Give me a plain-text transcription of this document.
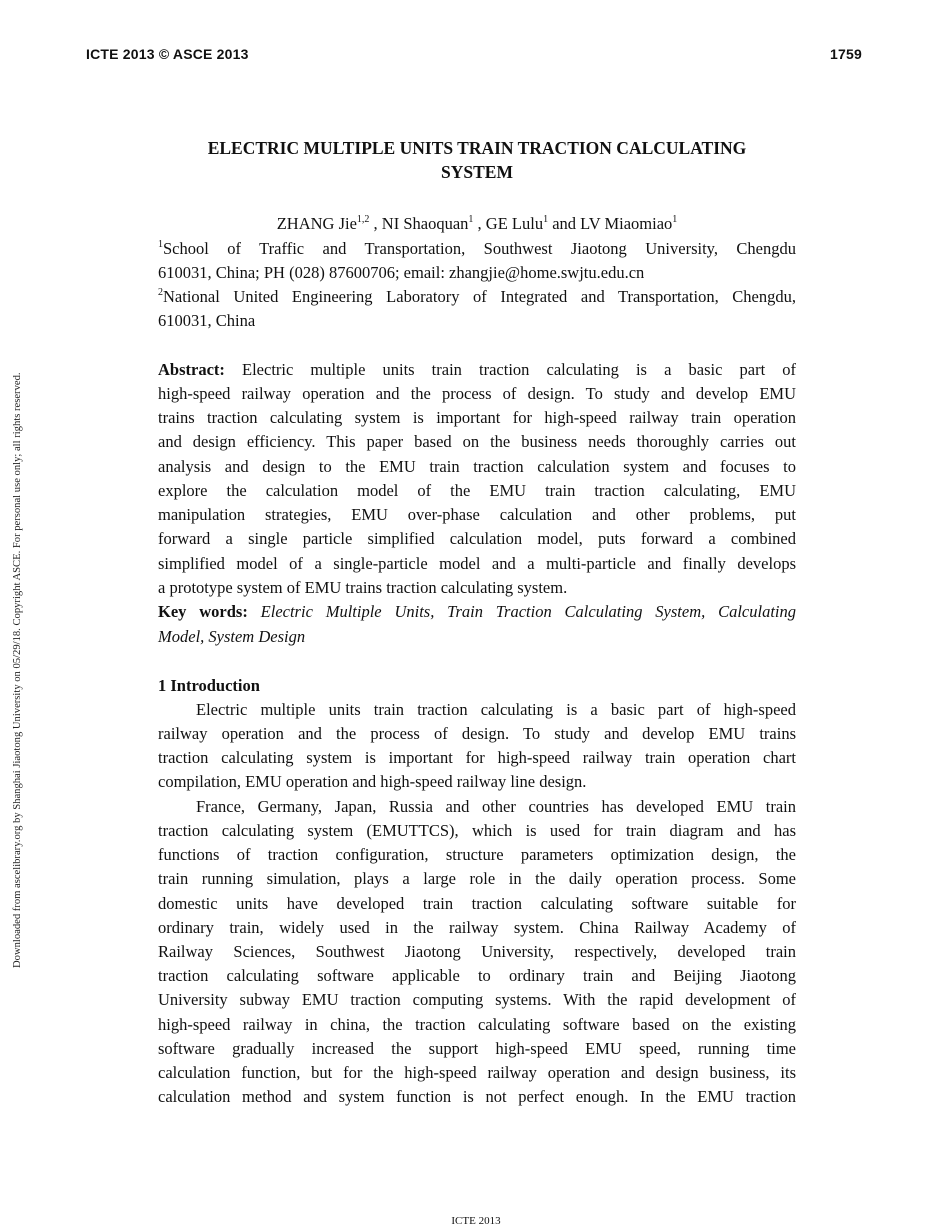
ICTE 2013 © ASCE 2013	1759
Downloaded from ascelibrary.org by Shanghai Jiaotong University on 05/29/18. Copyright ASCE. For personal use only; all rights reserved.
ELECTRIC MULTIPLE UNITS TRAIN TRACTION CALCULATING
SYSTEM
ZHANG Jie$^{1,2}$ , NI Shaoquan$^1$ , GE Lulu$^1$ and LV Miaomiao$^1$
$^1$School of Traffic and Transportation, Southwest Jiaotong University, Chengdu
610031, China; PH (028) 87600706; email: zhangjie@home.swjtu.edu.cn
$^2$National United Engineering Laboratory of Integrated and Transportation, Chengdu,
610031, China
Abstract: Electric multiple units train traction calculating is a basic part of
high-speed railway operation and the process of design. To study and develop EMU
trains traction calculating system is important for high-speed railway train operation
and design efficiency. This paper based on the business needs thoroughly carries out
analysis and design to the EMU train traction calculation system and focuses to
explore the calculation model of the EMU train traction calculating, EMU
manipulation strategies, EMU over-phase calculation and other problems, put
forward a single particle simplified calculation model, puts forward a combined
simplified model of a single-particle model and a multi-particle and finally develops
a prototype system of EMU trains traction calculating system.
Key words: Electric Multiple Units, Train Traction Calculating System, Calculating
Model, System Design
1 Introduction
Electric multiple units train traction calculating is a basic part of high-speed
railway operation and the process of design. To study and develop EMU trains
traction calculating system is important for high-speed railway train operation chart
compilation, EMU operation and high-speed railway line design.
France, Germany, Japan, Russia and other countries has developed EMU train
traction calculating system (EMUTTCS), which is used for train diagram and has
functions of traction configuration, structure parameters optimization design, the
train running simulation, plays a large role in the daily operation process. Some
domestic units have developed train traction calculating software suitable for
ordinary train, widely used in the railway system. China Railway Academy of
Railway Sciences, Southwest Jiaotong University, respectively, developed train
traction calculating software applicable to ordinary train and Beijing Jiaotong
University subway EMU traction computing systems. With the rapid development of
high-speed railway in china, the traction calculating software based on the existing
software gradually increased the support high-speed EMU speed, running time
calculation function, but for the high-speed railway operation and design business, its
calculation method and system function is not perfect enough. In the EMU traction
ICTE 2013
